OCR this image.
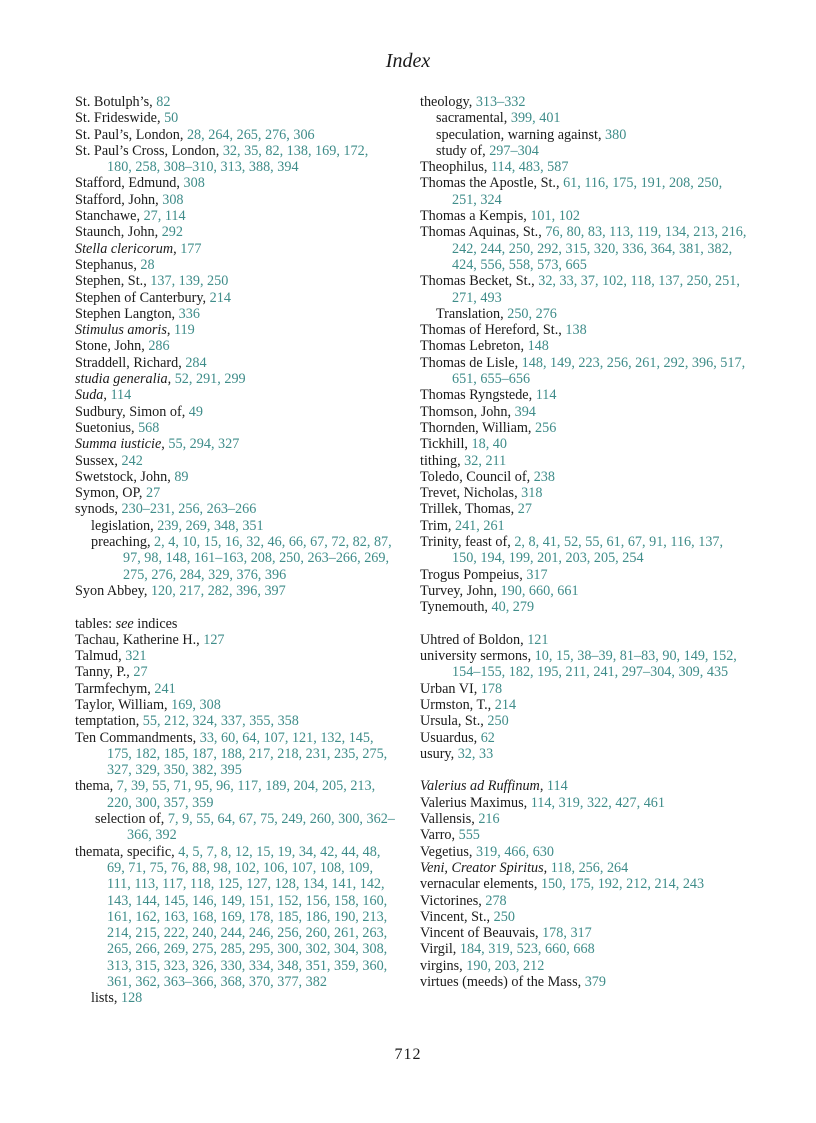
Index
St. Botulph’s, 82
St. Frideswide, 50
St. Paul’s, London, 28, 264, 265, 276, 306
St. Paul’s Cross, London, 32, 35, 82, 138, 169, 172, 180, 258, 308–310, 313, 388, 394
Stafford, Edmund, 308
Stafford, John, 308
Stanchawe, 27, 114
Staunch, John, 292
Stella clericorum, 177
Stephanus, 28
Stephen, St., 137, 139, 250
Stephen of Canterbury, 214
Stephen Langton, 336
Stimulus amoris, 119
Stone, John, 286
Straddell, Richard, 284
studia generalia, 52, 291, 299
Suda, 114
Sudbury, Simon of, 49
Suetonius, 568
Summa iusticie, 55, 294, 327
Sussex, 242
Swetstock, John, 89
Symon, OP, 27
synods, 230–231, 256, 263–266
legislation, 239, 269, 348, 351
preaching, 2, 4, 10, 15, 16, 32, 46, 66, 67, 72, 82, 87, 97, 98, 148, 161–163, 208, 250, 263–266, 269, 275, 276, 284, 329, 376, 396
Syon Abbey, 120, 217, 282, 396, 397
tables: see indices
Tachau, Katherine H., 127
Talmud, 321
Tanny, P., 27
Tarmfechym, 241
Taylor, William, 169, 308
temptation, 55, 212, 324, 337, 355, 358
Ten Commandments, 33, 60, 64, 107, 121, 132, 145, 175, 182, 185, 187, 188, 217, 218, 231, 235, 275, 327, 329, 350, 382, 395
thema, 7, 39, 55, 71, 95, 96, 117, 189, 204, 205, 213, 220, 300, 357, 359
selection of, 7, 9, 55, 64, 67, 75, 249, 260, 300, 362–366, 392
themata, specific, 4, 5, 7, 8, 12, 15, 19, 34, 42, 44, 48, 69, 71, 75, 76, 88, 98, 102, 106, 107, 108, 109, 111, 113, 117, 118, 125, 127, 128, 134, 141, 142, 143, 144, 145, 146, 149, 151, 152, 156, 158, 160, 161, 162, 163, 168, 169, 178, 185, 186, 190, 213, 214, 215, 222, 240, 244, 246, 256, 260, 261, 263, 265, 266, 269, 275, 285, 295, 300, 302, 304, 308, 313, 315, 323, 326, 330, 334, 348, 351, 359, 360, 361, 362, 363–366, 368, 370, 377, 382
lists, 128
theology, 313–332
sacramental, 399, 401
speculation, warning against, 380
study of, 297–304
Theophilus, 114, 483, 587
Thomas the Apostle, St., 61, 116, 175, 191, 208, 250, 251, 324
Thomas a Kempis, 101, 102
Thomas Aquinas, St., 76, 80, 83, 113, 119, 134, 213, 216, 242, 244, 250, 292, 315, 320, 336, 364, 381, 382, 424, 556, 558, 573, 665
Thomas Becket, St., 32, 33, 37, 102, 118, 137, 250, 251, 271, 493
Translation, 250, 276
Thomas of Hereford, St., 138
Thomas Lebreton, 148
Thomas de Lisle, 148, 149, 223, 256, 261, 292, 396, 517, 651, 655–656
Thomas Ryngstede, 114
Thomson, John, 394
Thornden, William, 256
Tickhill, 18, 40
tithing, 32, 211
Toledo, Council of, 238
Trevet, Nicholas, 318
Trillek, Thomas, 27
Trim, 241, 261
Trinity, feast of, 2, 8, 41, 52, 55, 61, 67, 91, 116, 137, 150, 194, 199, 201, 203, 205, 254
Trogus Pompeius, 317
Turvey, John, 190, 660, 661
Tynemouth, 40, 279
Uhtred of Boldon, 121
university sermons, 10, 15, 38–39, 81–83, 90, 149, 152, 154–155, 182, 195, 211, 241, 297–304, 309, 435
Urban VI, 178
Urmston, T., 214
Ursula, St., 250
Usuardus, 62
usury, 32, 33
Valerius ad Ruffinum, 114
Valerius Maximus, 114, 319, 322, 427, 461
Vallensis, 216
Varro, 555
Vegetius, 319, 466, 630
Veni, Creator Spiritus, 118, 256, 264
vernacular elements, 150, 175, 192, 212, 214, 243
Victorines, 278
Vincent, St., 250
Vincent of Beauvais, 178, 317
Virgil, 184, 319, 523, 660, 668
virgins, 190, 203, 212
virtues (meeds) of the Mass, 379
712
